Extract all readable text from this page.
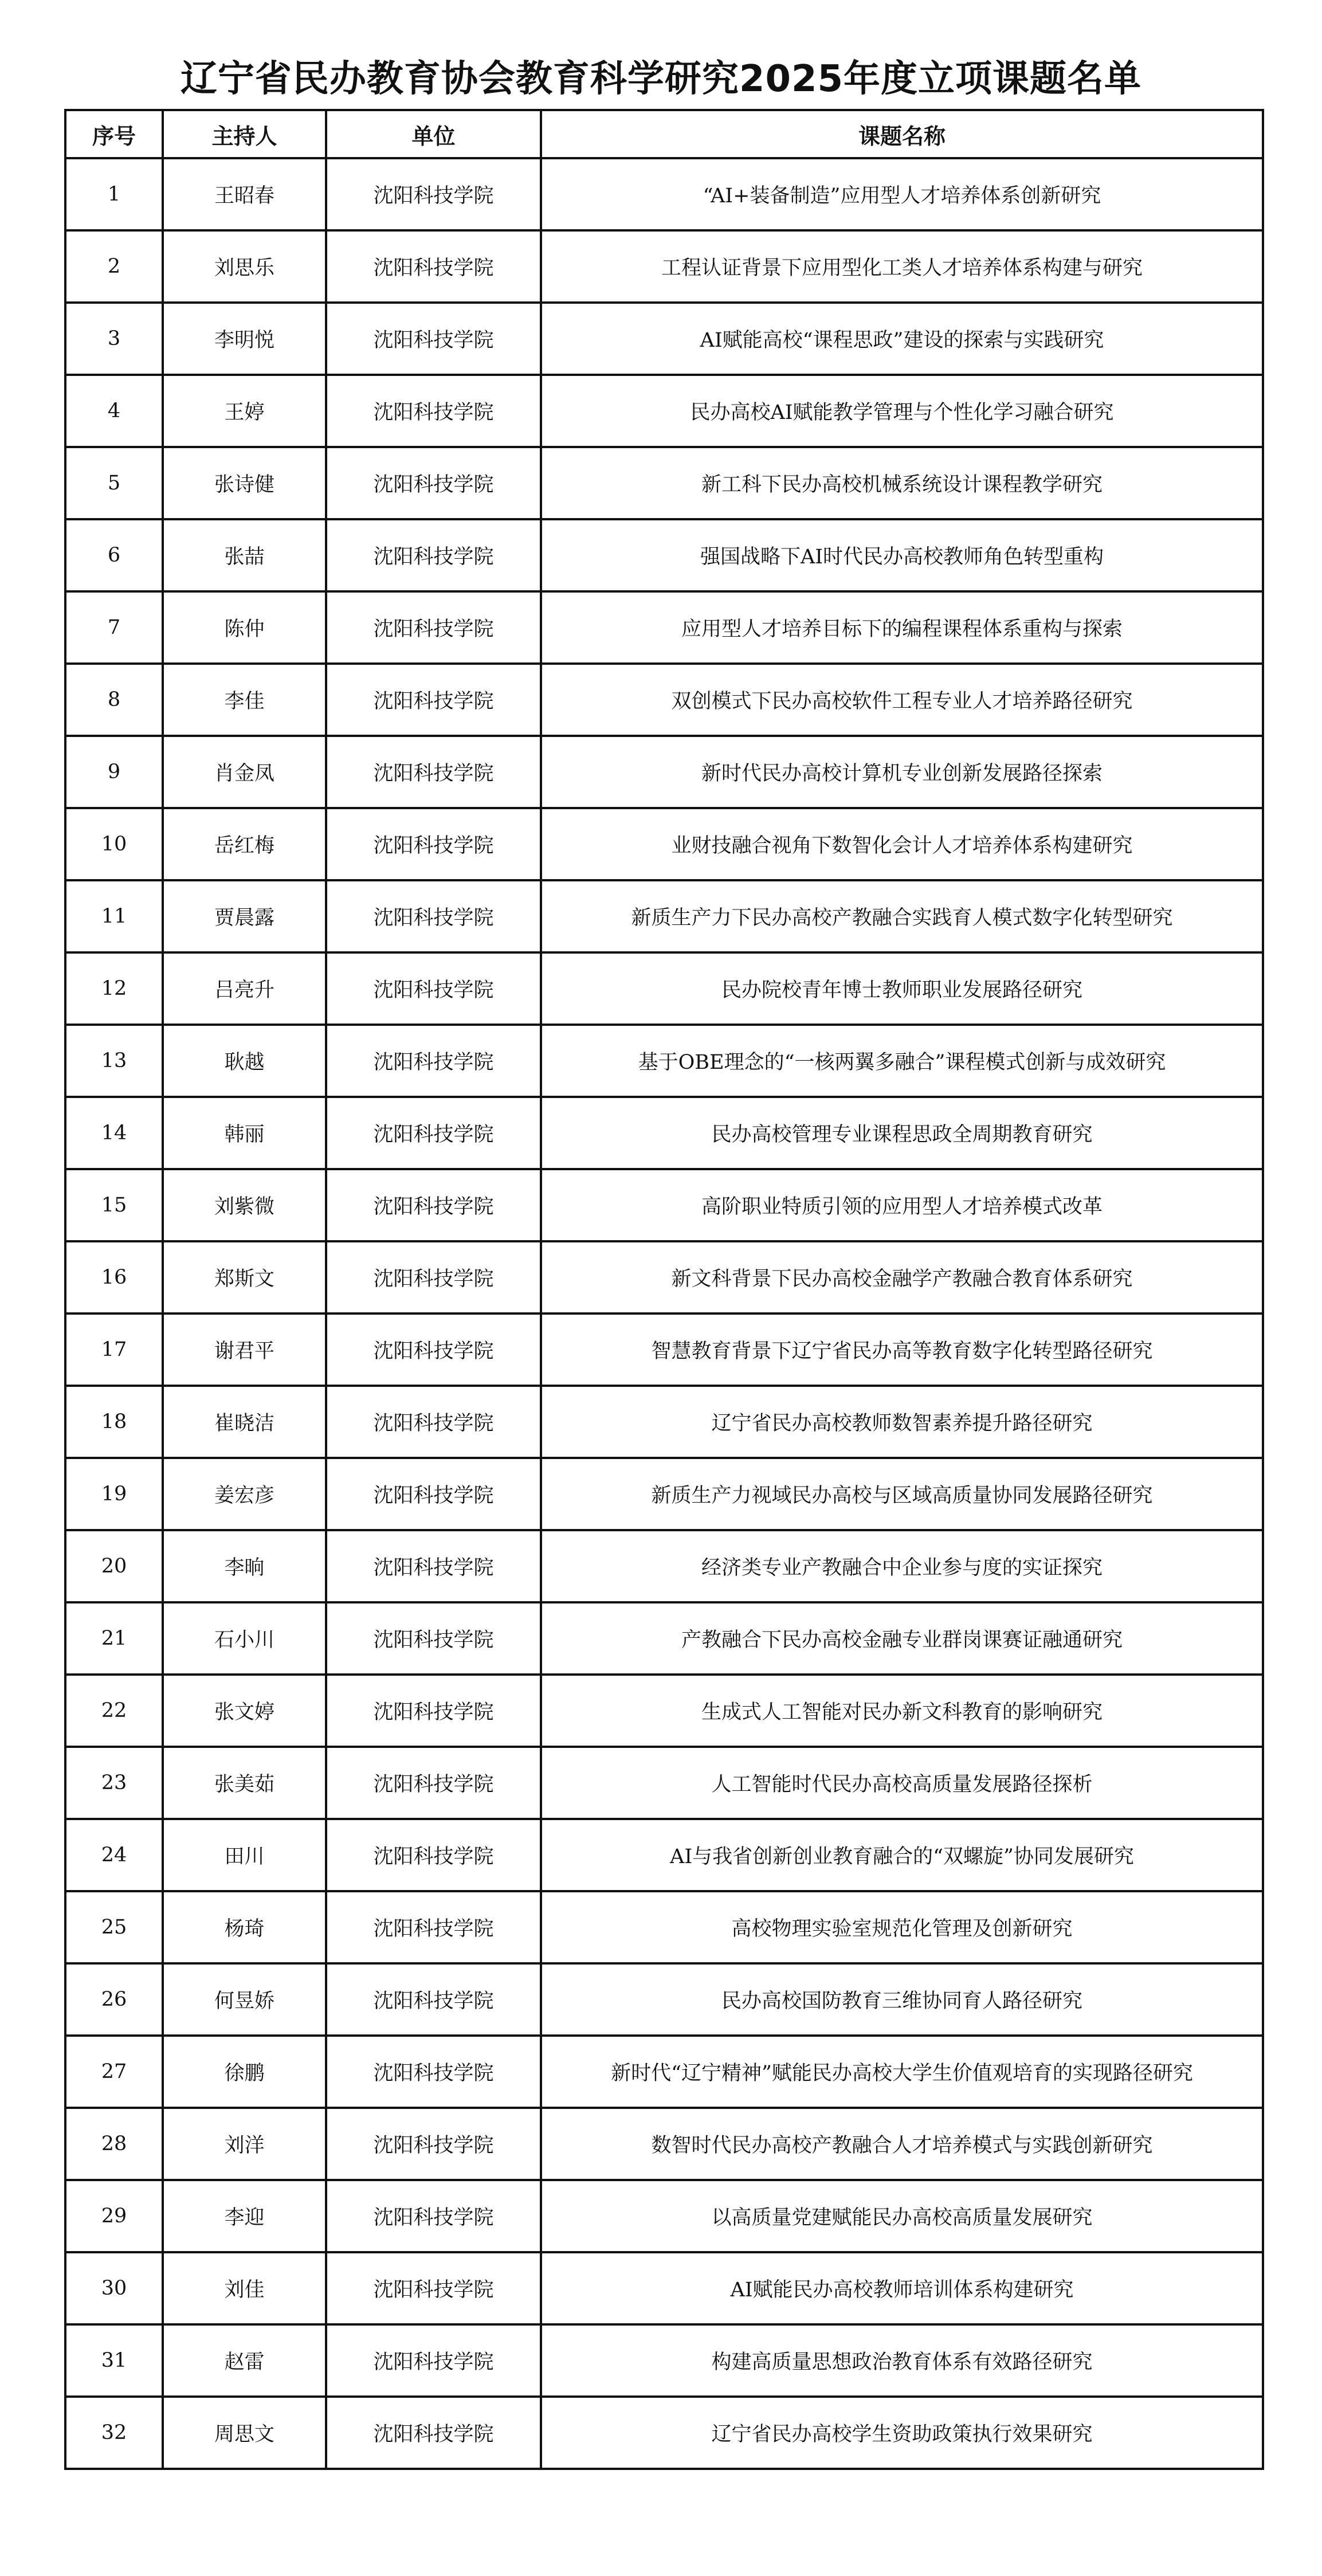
辽宁省民办教育协会教育科学研究2025年度立项课题名单
序号	主持人	单位	课题名称
1	王昭春	沈阳科技学院	“AI+装备制造”应用型人才培养体系创新研究
2	刘思乐	沈阳科技学院	工程认证背景下应用型化工类人才培养体系构建与研究
3	李明悦	沈阳科技学院	AI赋能高校“课程思政”建设的探索与实践研究
4	王婷	沈阳科技学院	民办高校AI赋能教学管理与个性化学习融合研究
5	张诗健	沈阳科技学院	新工科下民办高校机械系统设计课程教学研究
6	张喆	沈阳科技学院	强国战略下AI时代民办高校教师角色转型重构
7	陈仲	沈阳科技学院	应用型人才培养目标下的编程课程体系重构与探索
8	李佳	沈阳科技学院	双创模式下民办高校软件工程专业人才培养路径研究
9	肖金凤	沈阳科技学院	新时代民办高校计算机专业创新发展路径探索
10	岳红梅	沈阳科技学院	业财技融合视角下数智化会计人才培养体系构建研究
11	贾晨露	沈阳科技学院	新质生产力下民办高校产教融合实践育人模式数字化转型研究
12	吕亮升	沈阳科技学院	民办院校青年博士教师职业发展路径研究
13	耿越	沈阳科技学院	基于OBE理念的“一核两翼多融合”课程模式创新与成效研究
14	韩丽	沈阳科技学院	民办高校管理专业课程思政全周期教育研究
15	刘紫微	沈阳科技学院	高阶职业特质引领的应用型人才培养模式改革
16	郑斯文	沈阳科技学院	新文科背景下民办高校金融学产教融合教育体系研究
17	谢君平	沈阳科技学院	智慧教育背景下辽宁省民办高等教育数字化转型路径研究
18	崔晓洁	沈阳科技学院	辽宁省民办高校教师数智素养提升路径研究
19	姜宏彦	沈阳科技学院	新质生产力视域民办高校与区域高质量协同发展路径研究
20	李晌	沈阳科技学院	经济类专业产教融合中企业参与度的实证探究
21	石小川	沈阳科技学院	产教融合下民办高校金融专业群岗课赛证融通研究
22	张文婷	沈阳科技学院	生成式人工智能对民办新文科教育的影响研究
23	张美茹	沈阳科技学院	人工智能时代民办高校高质量发展路径探析
24	田川	沈阳科技学院	AI与我省创新创业教育融合的“双螺旋”协同发展研究
25	杨琦	沈阳科技学院	高校物理实验室规范化管理及创新研究
26	何昱娇	沈阳科技学院	民办高校国防教育三维协同育人路径研究
27	徐鹏	沈阳科技学院	新时代“辽宁精神”赋能民办高校大学生价值观培育的实现路径研究
28	刘洋	沈阳科技学院	数智时代民办高校产教融合人才培养模式与实践创新研究
29	李迎	沈阳科技学院	以高质量党建赋能民办高校高质量发展研究
30	刘佳	沈阳科技学院	AI赋能民办高校教师培训体系构建研究
31	赵雷	沈阳科技学院	构建高质量思想政治教育体系有效路径研究
32	周思文	沈阳科技学院	辽宁省民办高校学生资助政策执行效果研究
